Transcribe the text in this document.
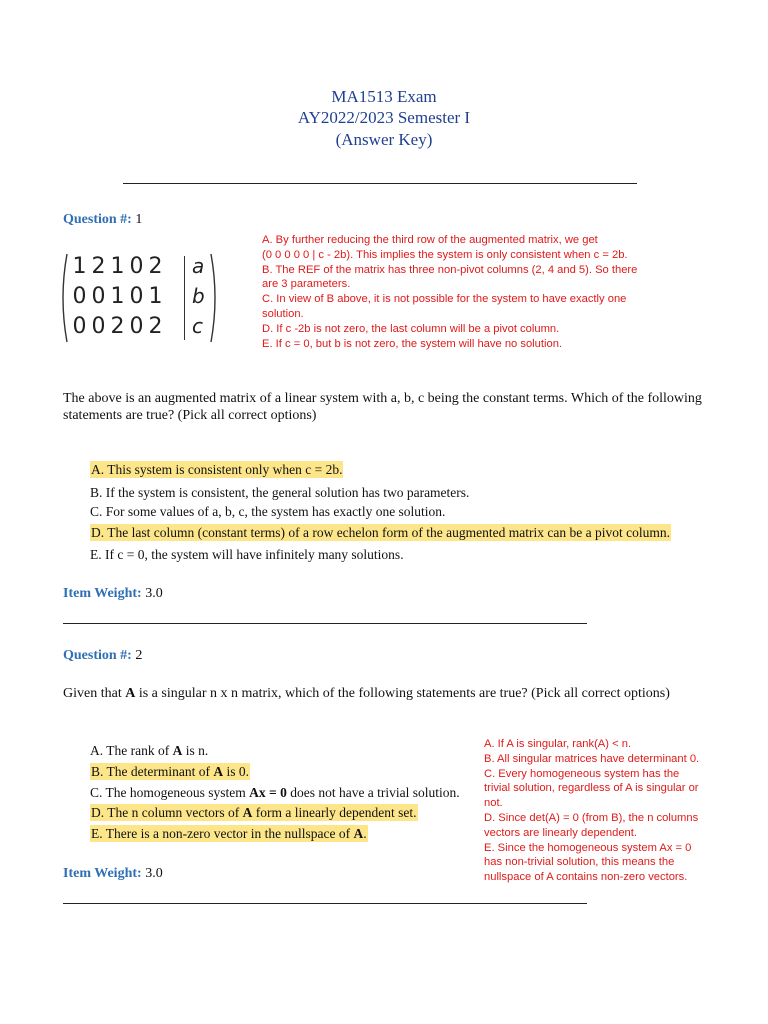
MA1513 Exam
AY2022/2023 Semester I
(Answer Key)
Question #: 1
1 2 1 0 2
0 0 1 0 1
0 0 2 0 2
a
b
c
A. By further reducing the third row of the augmented matrix, we get
(0 0 0 0 0 | c - 2b). This implies the system is only consistent when c = 2b.
B. The REF of the matrix has three non-pivot columns (2, 4 and 5). So there
are 3 parameters.
C. In view of B above, it is not possible for the system to have exactly one
solution.
D. If c -2b is not zero, the last column will be a pivot column.
E. If c = 0, but b is not zero, the system will have no solution.
The above is an augmented matrix of a linear system with a, b, c being the constant terms. Which of the following
statements are true? (Pick all correct options)
A. This system is consistent only when c = 2b.
B. If the system is consistent, the general solution has two parameters.
C. For some values of a, b, c, the system has exactly one solution.
D. The last column (constant terms) of a row echelon form of the augmented matrix can be a pivot column.
E. If c = 0, the system will have infinitely many solutions.
Item Weight: 3.0
Question #: 2
Given that A is a singular n x n matrix, which of the following statements are true? (Pick all correct options)
A. The rank of A is n.
B. The determinant of A is 0.
C. The homogeneous system Ax = 0 does not have a trivial solution.
D. The n column vectors of A form a linearly dependent set.
E. There is a non-zero vector in the nullspace of A.
A. If A is singular, rank(A) < n.
B. All singular matrices have determinant 0.
C. Every homogeneous system has the
trivial solution, regardless of A is singular or
not.
D. Since det(A) = 0 (from B), the n columns
vectors are linearly dependent.
E. Since the homogeneous system Ax = 0
has non-trivial solution, this means the
nullspace of A contains non-zero vectors.
Item Weight: 3.0
